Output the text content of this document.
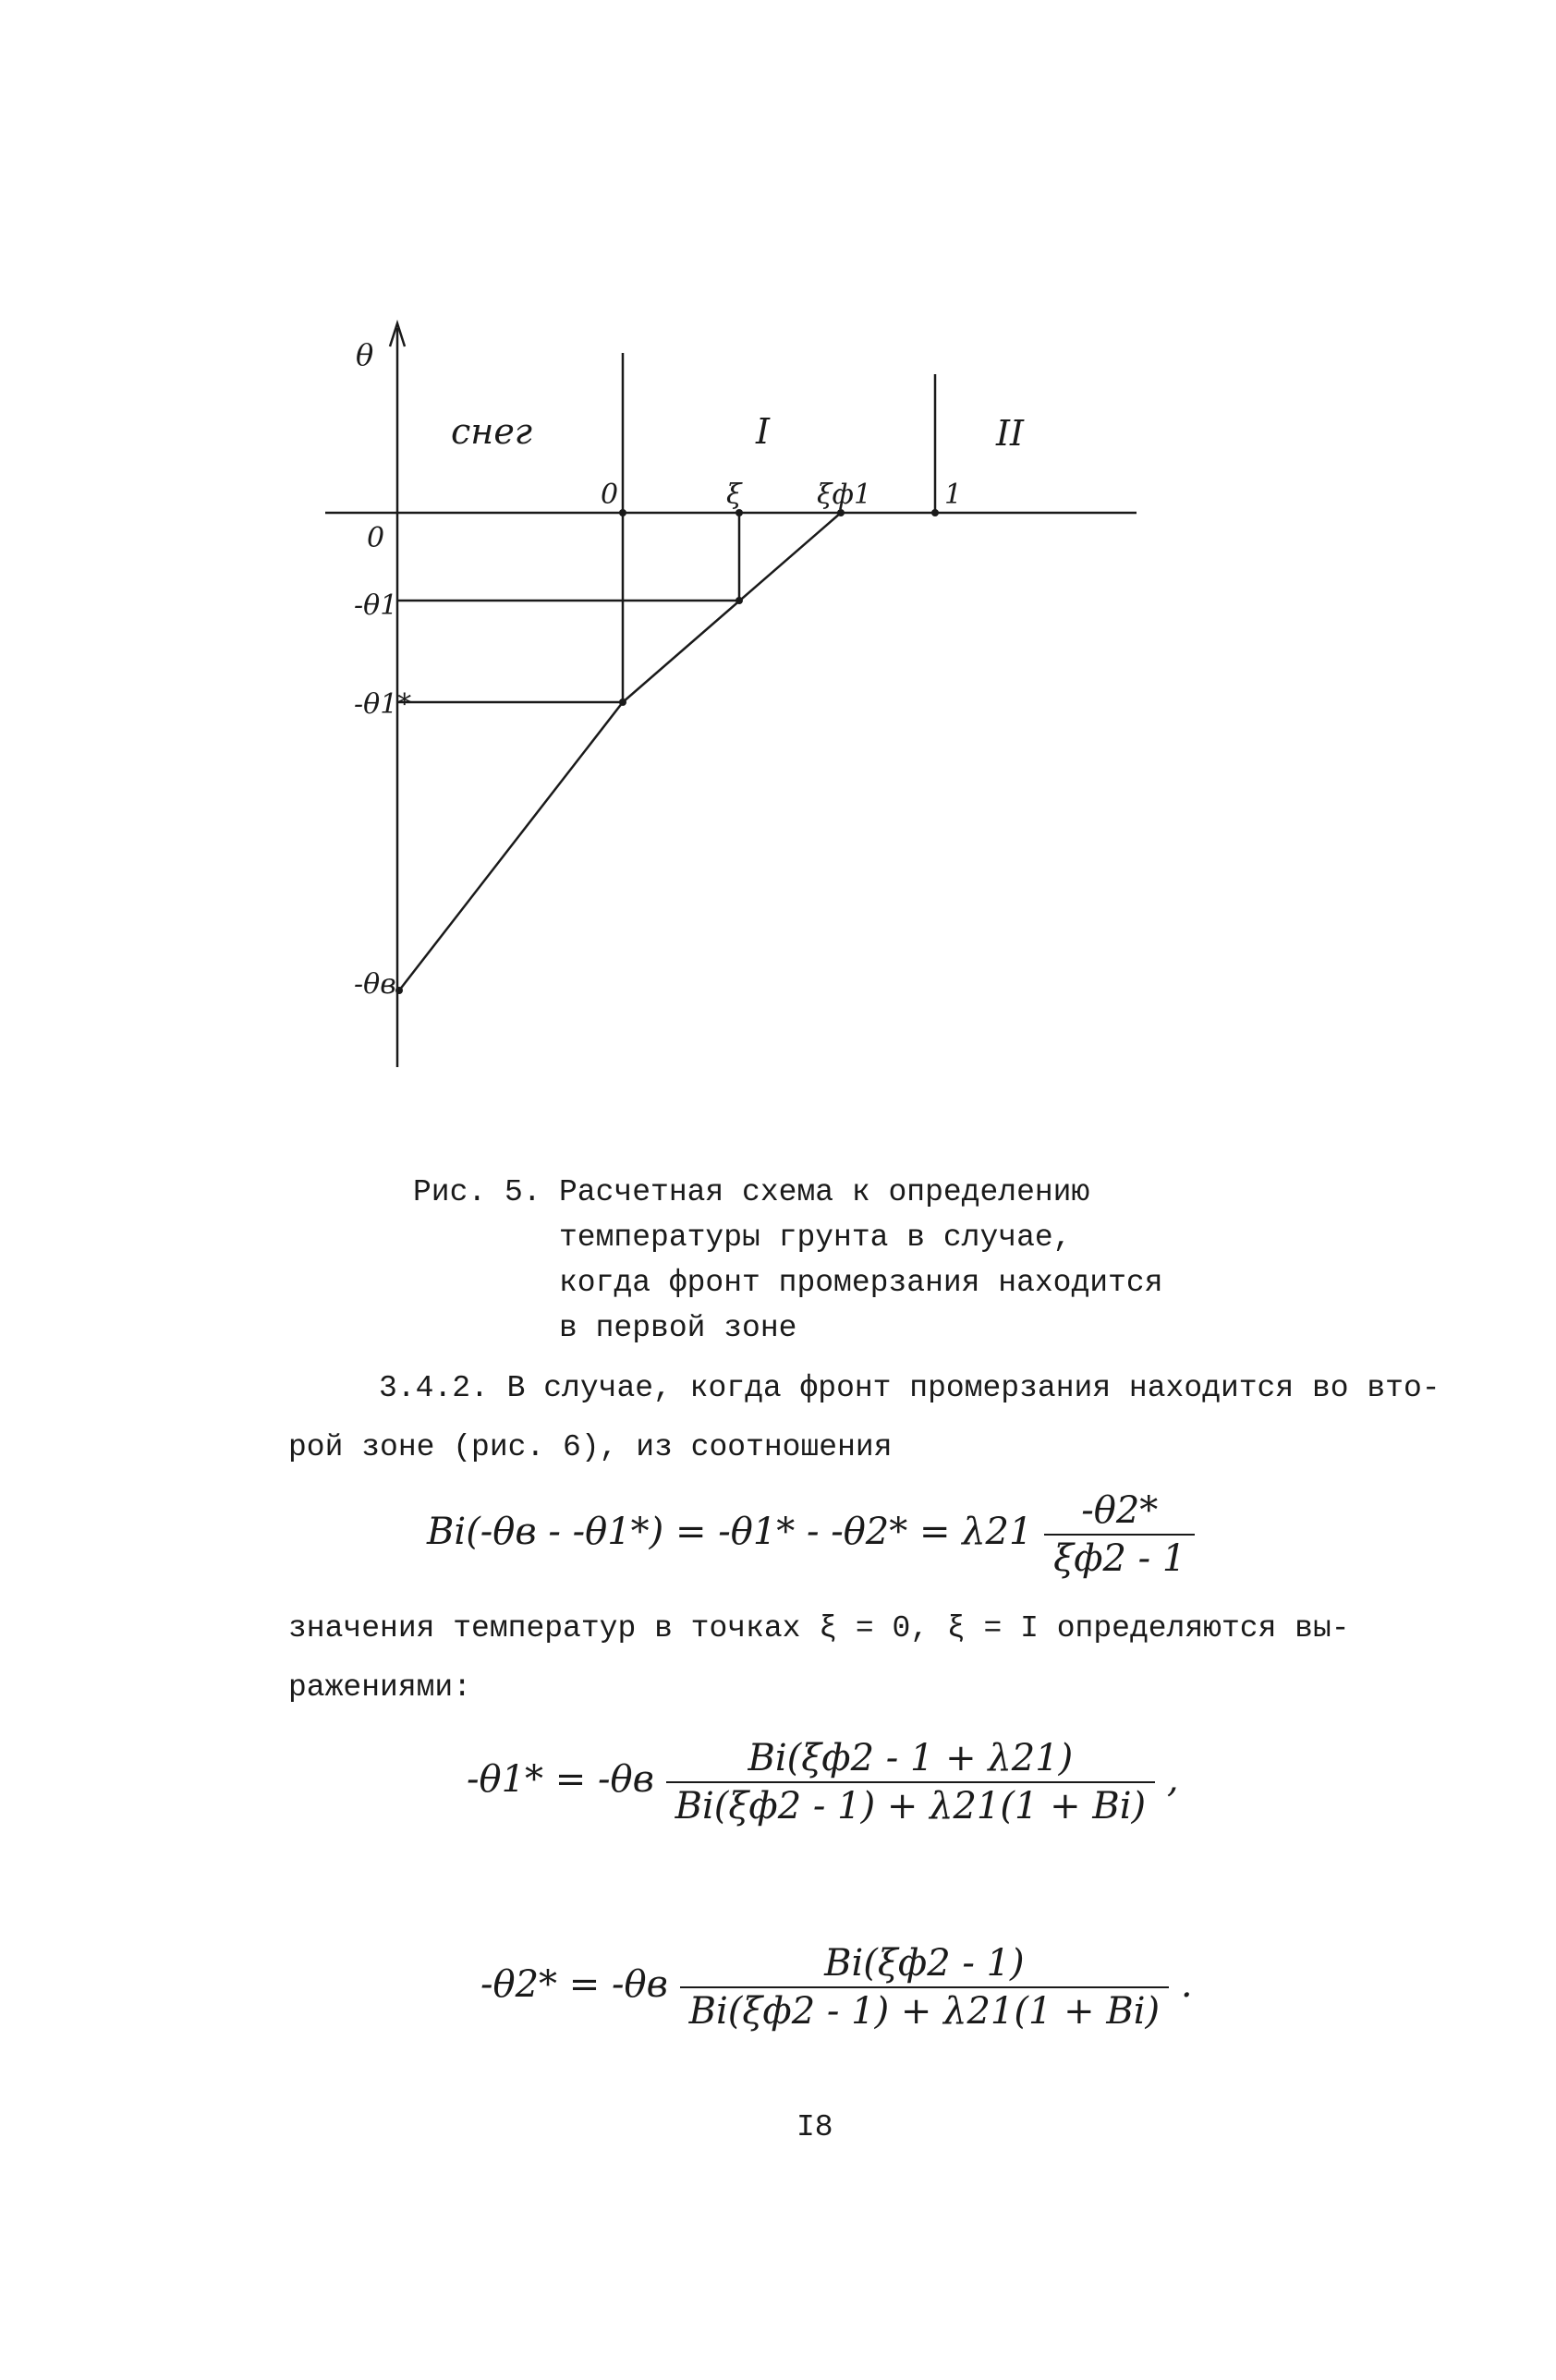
θ
снег	I	II
0	ξ	ξф1	1
0
-θ1
-θ1*
-θв
Рис. 5. Расчетная схема к определению
температуры грунта в случае,
когда фронт промерзания находится
в первой зоне
3.4.2. В случае, когда фронт промерзания находится во вто-
рой зоне (рис. 6), из соотношения
$Bi(-\theta в - -\theta 1*) = -\theta 1* - -\theta 2* = \lambda 21 \frac{-\theta 2*}{\xi ф2 - 1}$
значения температур в точках ξ = 0, ξ = I определяются вы-
ражениями:
$-\theta 1* = -\theta в \frac{Bi(\xi ф2 - 1 + \lambda 21)}{Bi(\xi ф2 - 1) + \lambda 21(1 + Bi)}$ ,
$-\theta 2* = -\theta в \frac{Bi(\xi ф2 - 1)}{Bi(\xi ф2 - 1) + \lambda 21(1 + Bi)}$ .
I8
